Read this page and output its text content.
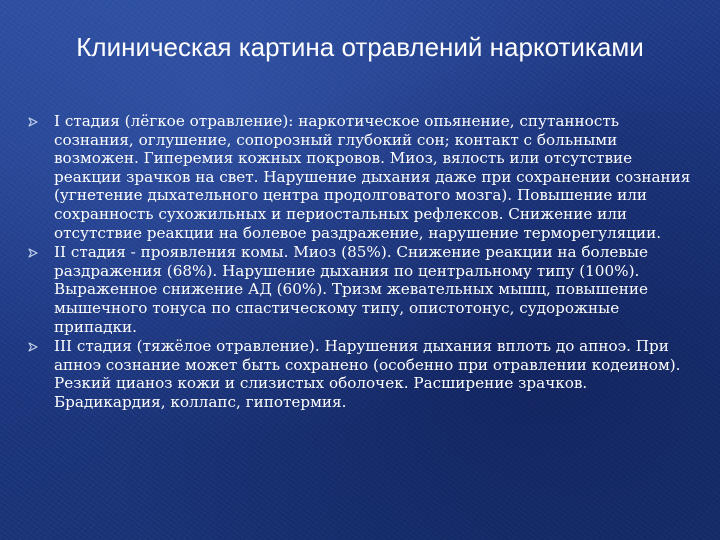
Клиническая картина отравлений наркотиками
I стадия (лёгкое отравление): наркотическое опьянение, спутанность сознания, оглушение, сопорозный глубокий сон; контакт с больными возможен. Гиперемия кожных покровов. Миоз, вялость или отсутствие реакции зрачков на свет. Нарушение дыхания даже при сохранении сознания (угнетение дыхательного центра продолговатого мозга). Повышение или сохранность сухожильных и периостальных рефлексов. Снижение или отсутствие реакции на болевое раздражение, нарушение терморегуляции.
II стадия - проявления комы. Миоз (85%). Снижение реакции на болевые раздражения (68%). Нарушение дыхания по центральному типу (100%). Выраженное снижение АД (60%). Тризм жевательных мышц, повышение мышечного тонуса по спастическому типу, опистотонус, судорожные припадки.
III стадия (тяжёлое отравление). Нарушения дыхания вплоть до апноэ. При апноэ сознание может быть сохранено (особенно при отравлении кодеином). Резкий цианоз кожи и слизистых оболочек. Расширение зрачков. Брадикардия, коллапс, гипотермия.
